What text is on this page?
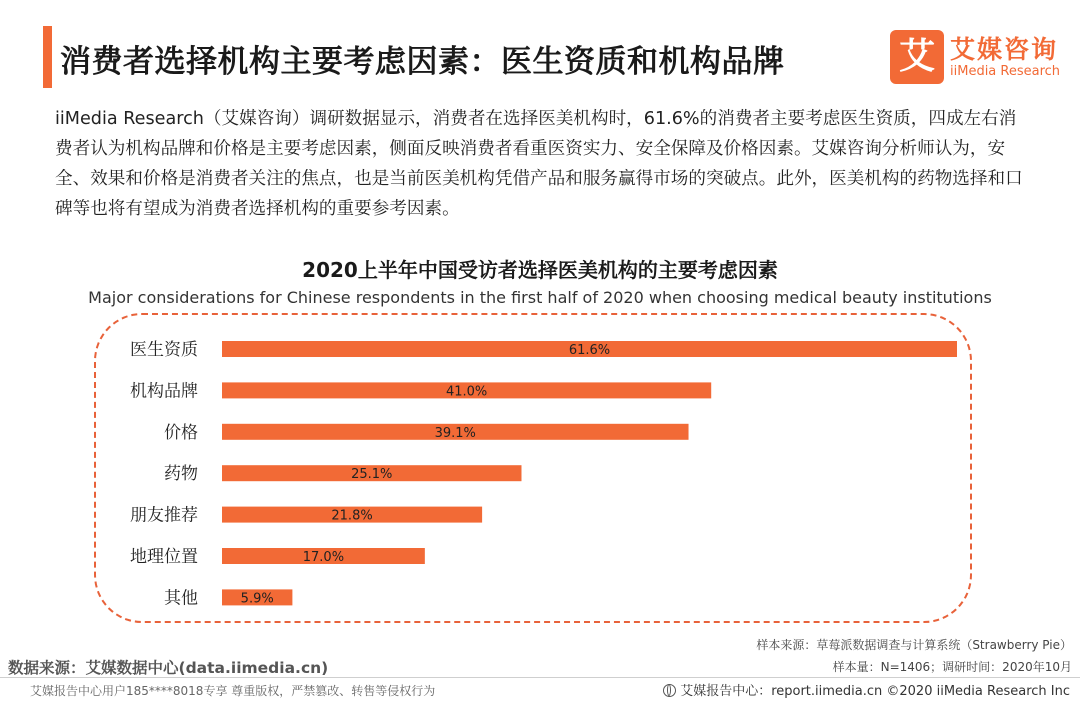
消费者选择机构主要考虑因素：医生资质和机构品牌	艾 艾媒咨询
iiMedia Research
iiMedia Research（艾媒咨询）调研数据显示，消费者在选择医美机构时，61.6%的消费者主要考虑医生资质，四成左右消费者认为机构品牌和价格是主要考虑因素，侧面反映消费者看重医资实力、安全保障及价格因素。艾媒咨询分析师认为，安全、效果和价格是消费者关注的焦点，也是当前医美机构凭借产品和服务赢得市场的突破点。此外，医美机构的药物选择和口碑等也将有望成为消费者选择机构的重要参考因素。
2020上半年中国受访者选择医美机构的主要考虑因素
Major considerations for Chinese respondents in the first half of 2020 when choosing medical beauty institutions
医生资质	61.6%
机构品牌	41.0%
价格	39.1%
药物	25.1%
朋友推荐	21.8%
地理位置	17.0%
其他	5.9%
样本来源：草莓派数据调查与计算系统（Strawberry Pie）
数据来源：艾媒数据中心(data.iimedia.cn)	样本量：N=1406；调研时间：2020年10月
艾媒报告中心用户185****8018专享 尊重版权，严禁篡改、转售等侵权行为	艾媒报告中心：report.iimedia.cn ©2020 iiMedia Research Inc
